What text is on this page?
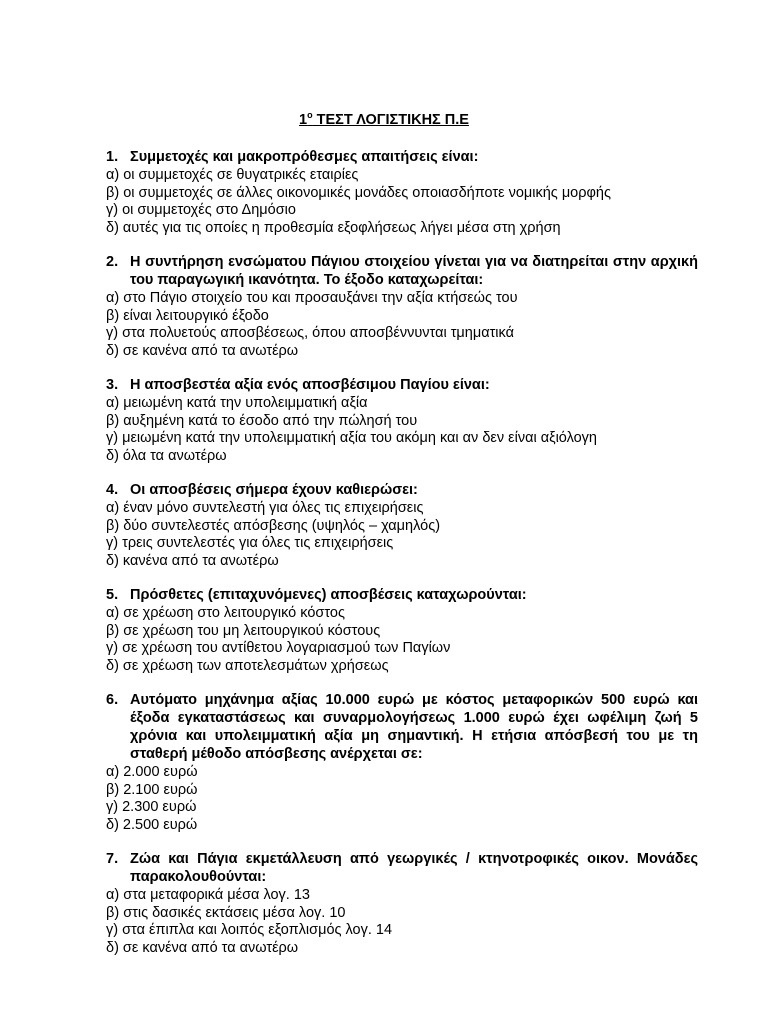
$1^o$ ΤΕΣΤ ΛΟΓΙΣΤΙΚΗΣ Π.Ε
1. Συμμετοχές και μακροπρόθεσμες απαιτήσεις είναι:
α) οι συμμετοχές σε θυγατρικές εταιρίες
β) οι συμμετοχές σε άλλες οικονομικές μονάδες οποιασδήποτε νομικής μορφής
γ) οι συμμετοχές στο Δημόσιο
δ) αυτές για τις οποίες η προθεσμία εξοφλήσεως λήγει μέσα στη χρήση
2. Η συντήρηση ενσώματου Πάγιου στοιχείου γίνεται για να διατηρείται στην αρχική του παραγωγική ικανότητα. Το έξοδο καταχωρείται:
α) στο Πάγιο στοιχείο του και προσαυξάνει την αξία κτήσεώς του
β) είναι λειτουργικό έξοδο
γ) στα πολυετούς αποσβέσεως, όπου αποσβέννυνται τμηματικά
δ) σε κανένα από τα ανωτέρω
3. Η αποσβεστέα αξία ενός αποσβέσιμου Παγίου είναι:
α) μειωμένη κατά την υπολειμματική αξία
β) αυξημένη κατά το έσοδο από την πώλησή του
γ) μειωμένη κατά την υπολειμματική αξία του ακόμη και αν δεν είναι αξιόλογη
δ) όλα τα ανωτέρω
4. Οι αποσβέσεις σήμερα έχουν καθιερώσει:
α) έναν μόνο συντελεστή για όλες τις επιχειρήσεις
β) δύο συντελεστές απόσβεσης (υψηλός – χαμηλός)
γ) τρεις συντελεστές για όλες τις επιχειρήσεις
δ) κανένα από τα ανωτέρω
5. Πρόσθετες (επιταχυνόμενες) αποσβέσεις καταχωρούνται:
α) σε χρέωση στο λειτουργικό κόστος
β) σε χρέωση του μη λειτουργικού κόστους
γ) σε χρέωση του αντίθετου λογαριασμού των Παγίων
δ) σε χρέωση των αποτελεσμάτων χρήσεως
6. Αυτόματο μηχάνημα αξίας 10.000 ευρώ με κόστος μεταφορικών 500 ευρώ και έξοδα εγκαταστάσεως και συναρμολογήσεως 1.000 ευρώ έχει ωφέλιμη ζωή 5 χρόνια και υπολειμματική αξία μη σημαντική. Η ετήσια απόσβεσή του με τη σταθερή μέθοδο απόσβεσης ανέρχεται σε:
α) 2.000 ευρώ
β) 2.100 ευρώ
γ) 2.300 ευρώ
δ) 2.500 ευρώ
7. Ζώα και Πάγια εκμετάλλευση από γεωργικές / κτηνοτροφικές οικον. Μονάδες παρακολουθούνται:
α) στα μεταφορικά μέσα λογ. 13
β) στις δασικές εκτάσεις μέσα λογ. 10
γ) στα έπιπλα και λοιπός εξοπλισμός λογ. 14
δ) σε κανένα από τα ανωτέρω
